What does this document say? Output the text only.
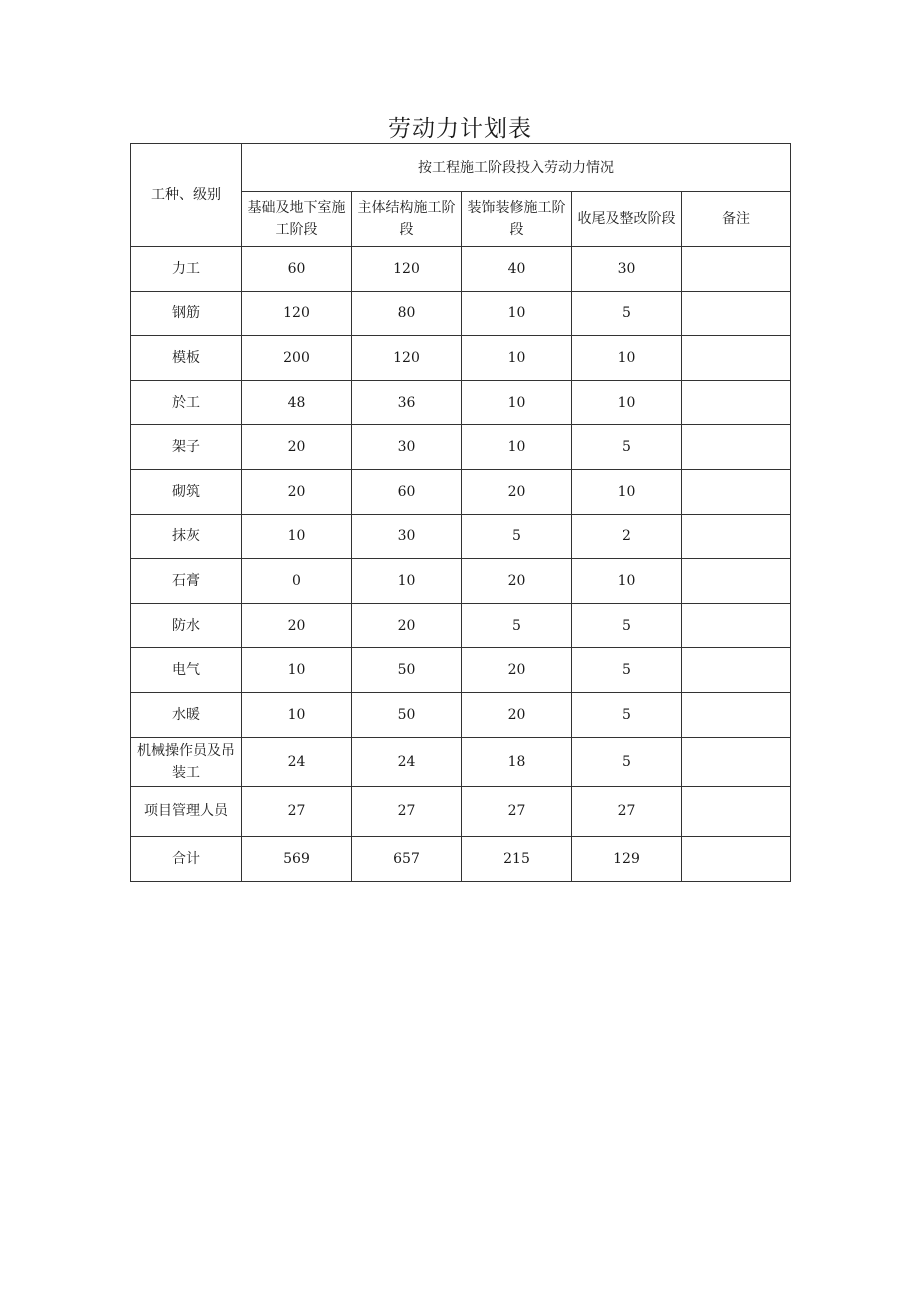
劳动力计划表
工种、级别	按工程施工阶段投入劳动力情况				
	基础及地下室施工阶段	主体结构施工阶段	装饰装修施工阶段	收尾及整改阶段	备注
力工	60	120	40	30	
钢筋	120	80	10	5	
模板	200	120	10	10	
於工	48	36	10	10	
架子	20	30	10	5	
砌筑	20	60	20	10	
抹灰	10	30	5	2	
石膏	0	10	20	10	
防水	20	20	5	5	
电气	10	50	20	5	
水暖	10	50	20	5	
机械操作员及吊装工	24	24	18	5	
项目管理人员	27	27	27	27	
合计	569	657	215	129	
